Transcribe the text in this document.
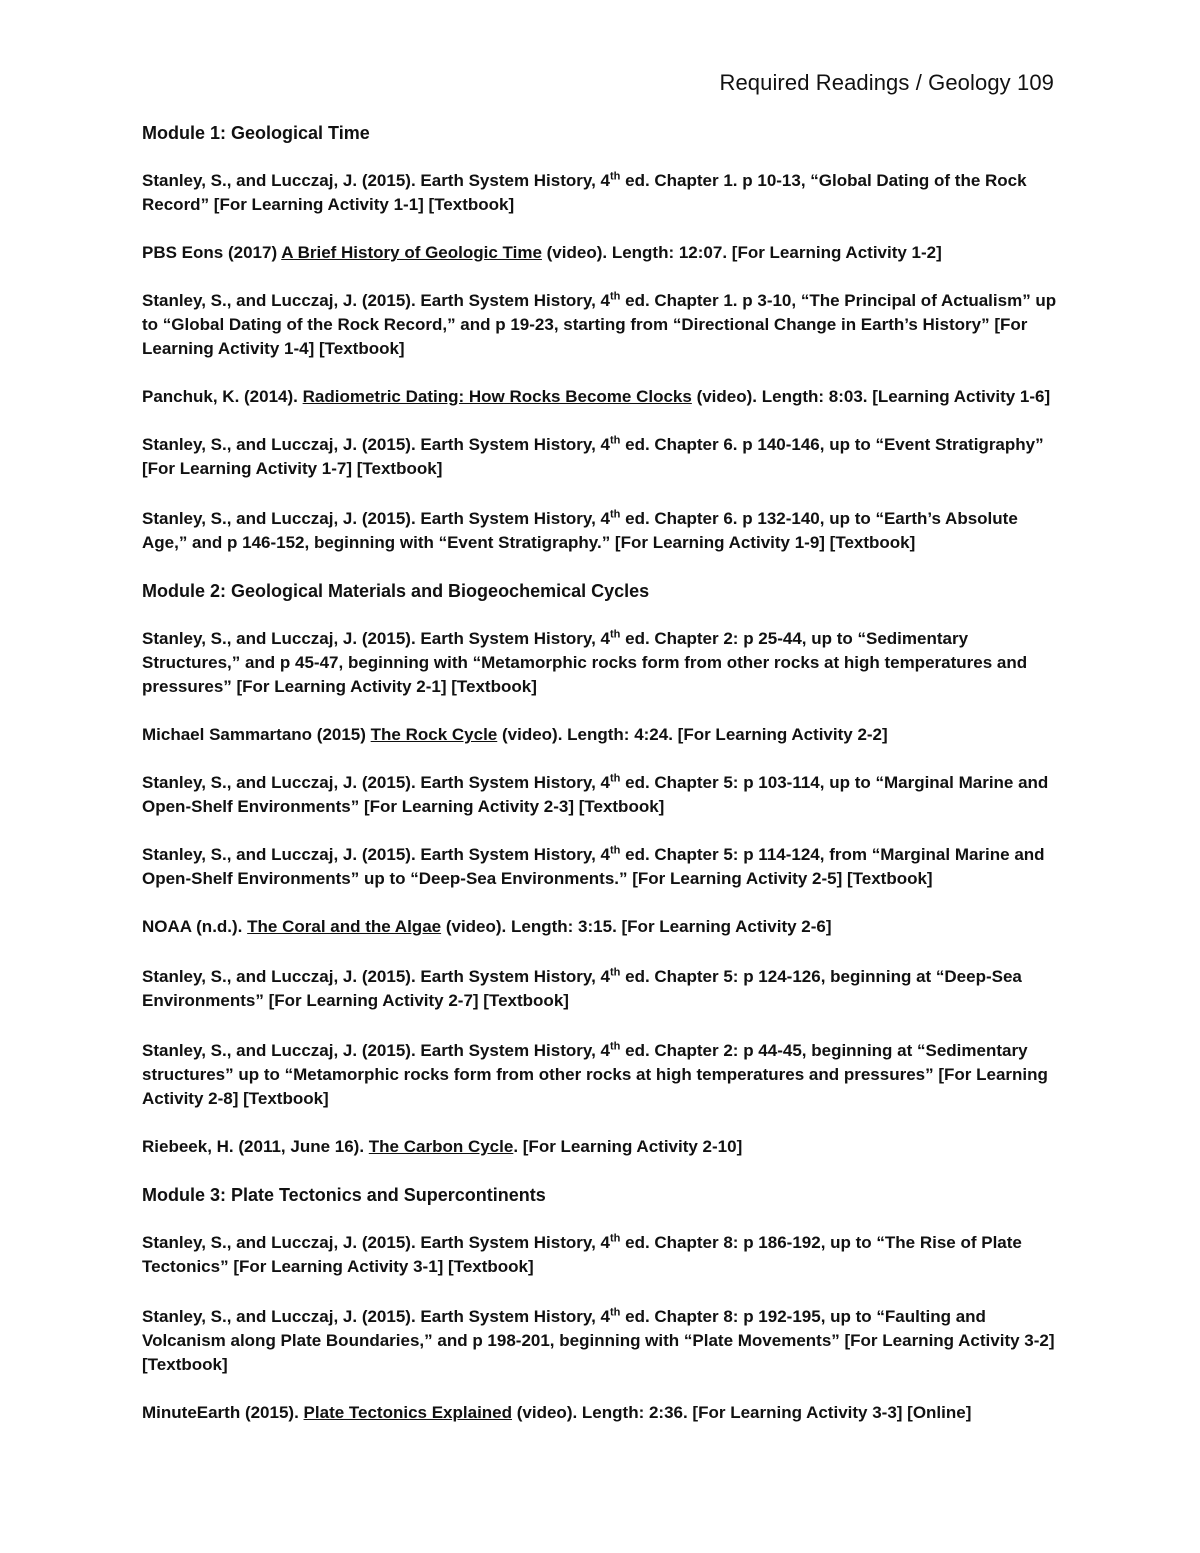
Required Readings / Geology 109
Module 1: Geological Time
Stanley, S., and Lucczaj, J. (2015). Earth System History, 4th ed. Chapter 1. p 10-13, “Global Dating of the Rock Record” [For Learning Activity 1-1] [Textbook]
PBS Eons (2017) A Brief History of Geologic Time (video). Length: 12:07. [For Learning Activity 1-2]
Stanley, S., and Lucczaj, J. (2015). Earth System History, 4th ed. Chapter 1. p 3-10, “The Principal of Actualism” up to “Global Dating of the Rock Record,” and p 19-23, starting from “Directional Change in Earth’s History” [For Learning Activity 1-4] [Textbook]
Panchuk, K. (2014). Radiometric Dating: How Rocks Become Clocks (video). Length: 8:03. [Learning Activity 1-6]
Stanley, S., and Lucczaj, J. (2015). Earth System History, 4th ed. Chapter 6. p 140-146, up to “Event Stratigraphy” [For Learning Activity 1-7] [Textbook]
Stanley, S., and Lucczaj, J. (2015). Earth System History, 4th ed. Chapter 6. p 132-140, up to “Earth’s Absolute Age,” and p 146-152, beginning with “Event Stratigraphy.” [For Learning Activity 1-9] [Textbook]
Module 2: Geological Materials and Biogeochemical Cycles
Stanley, S., and Lucczaj, J. (2015). Earth System History, 4th ed. Chapter 2: p 25-44, up to “Sedimentary Structures,” and p 45-47, beginning with “Metamorphic rocks form from other rocks at high temperatures and pressures” [For Learning Activity 2-1] [Textbook]
Michael Sammartano (2015) The Rock Cycle (video). Length: 4:24. [For Learning Activity 2-2]
Stanley, S., and Lucczaj, J. (2015). Earth System History, 4th ed. Chapter 5: p 103-114, up to “Marginal Marine and Open-Shelf Environments” [For Learning Activity 2-3] [Textbook]
Stanley, S., and Lucczaj, J. (2015). Earth System History, 4th ed. Chapter 5: p 114-124, from “Marginal Marine and Open-Shelf Environments” up to “Deep-Sea Environments.” [For Learning Activity 2-5] [Textbook]
NOAA (n.d.). The Coral and the Algae (video). Length: 3:15. [For Learning Activity 2-6]
Stanley, S., and Lucczaj, J. (2015). Earth System History, 4th ed. Chapter 5: p 124-126, beginning at “Deep-Sea Environments” [For Learning Activity 2-7] [Textbook]
Stanley, S., and Lucczaj, J. (2015). Earth System History, 4th ed. Chapter 2: p 44-45, beginning at “Sedimentary structures” up to “Metamorphic rocks form from other rocks at high temperatures and pressures” [For Learning Activity 2-8] [Textbook]
Riebeek, H. (2011, June 16). The Carbon Cycle. [For Learning Activity 2-10]
Module 3: Plate Tectonics and Supercontinents
Stanley, S., and Lucczaj, J. (2015). Earth System History, 4th ed. Chapter 8: p 186-192, up to “The Rise of Plate Tectonics” [For Learning Activity 3-1] [Textbook]
Stanley, S., and Lucczaj, J. (2015). Earth System History, 4th ed. Chapter 8: p 192-195, up to “Faulting and Volcanism along Plate Boundaries,” and p 198-201, beginning with “Plate Movements” [For Learning Activity 3-2] [Textbook]
MinuteEarth (2015). Plate Tectonics Explained (video). Length: 2:36. [For Learning Activity 3-3] [Online]
